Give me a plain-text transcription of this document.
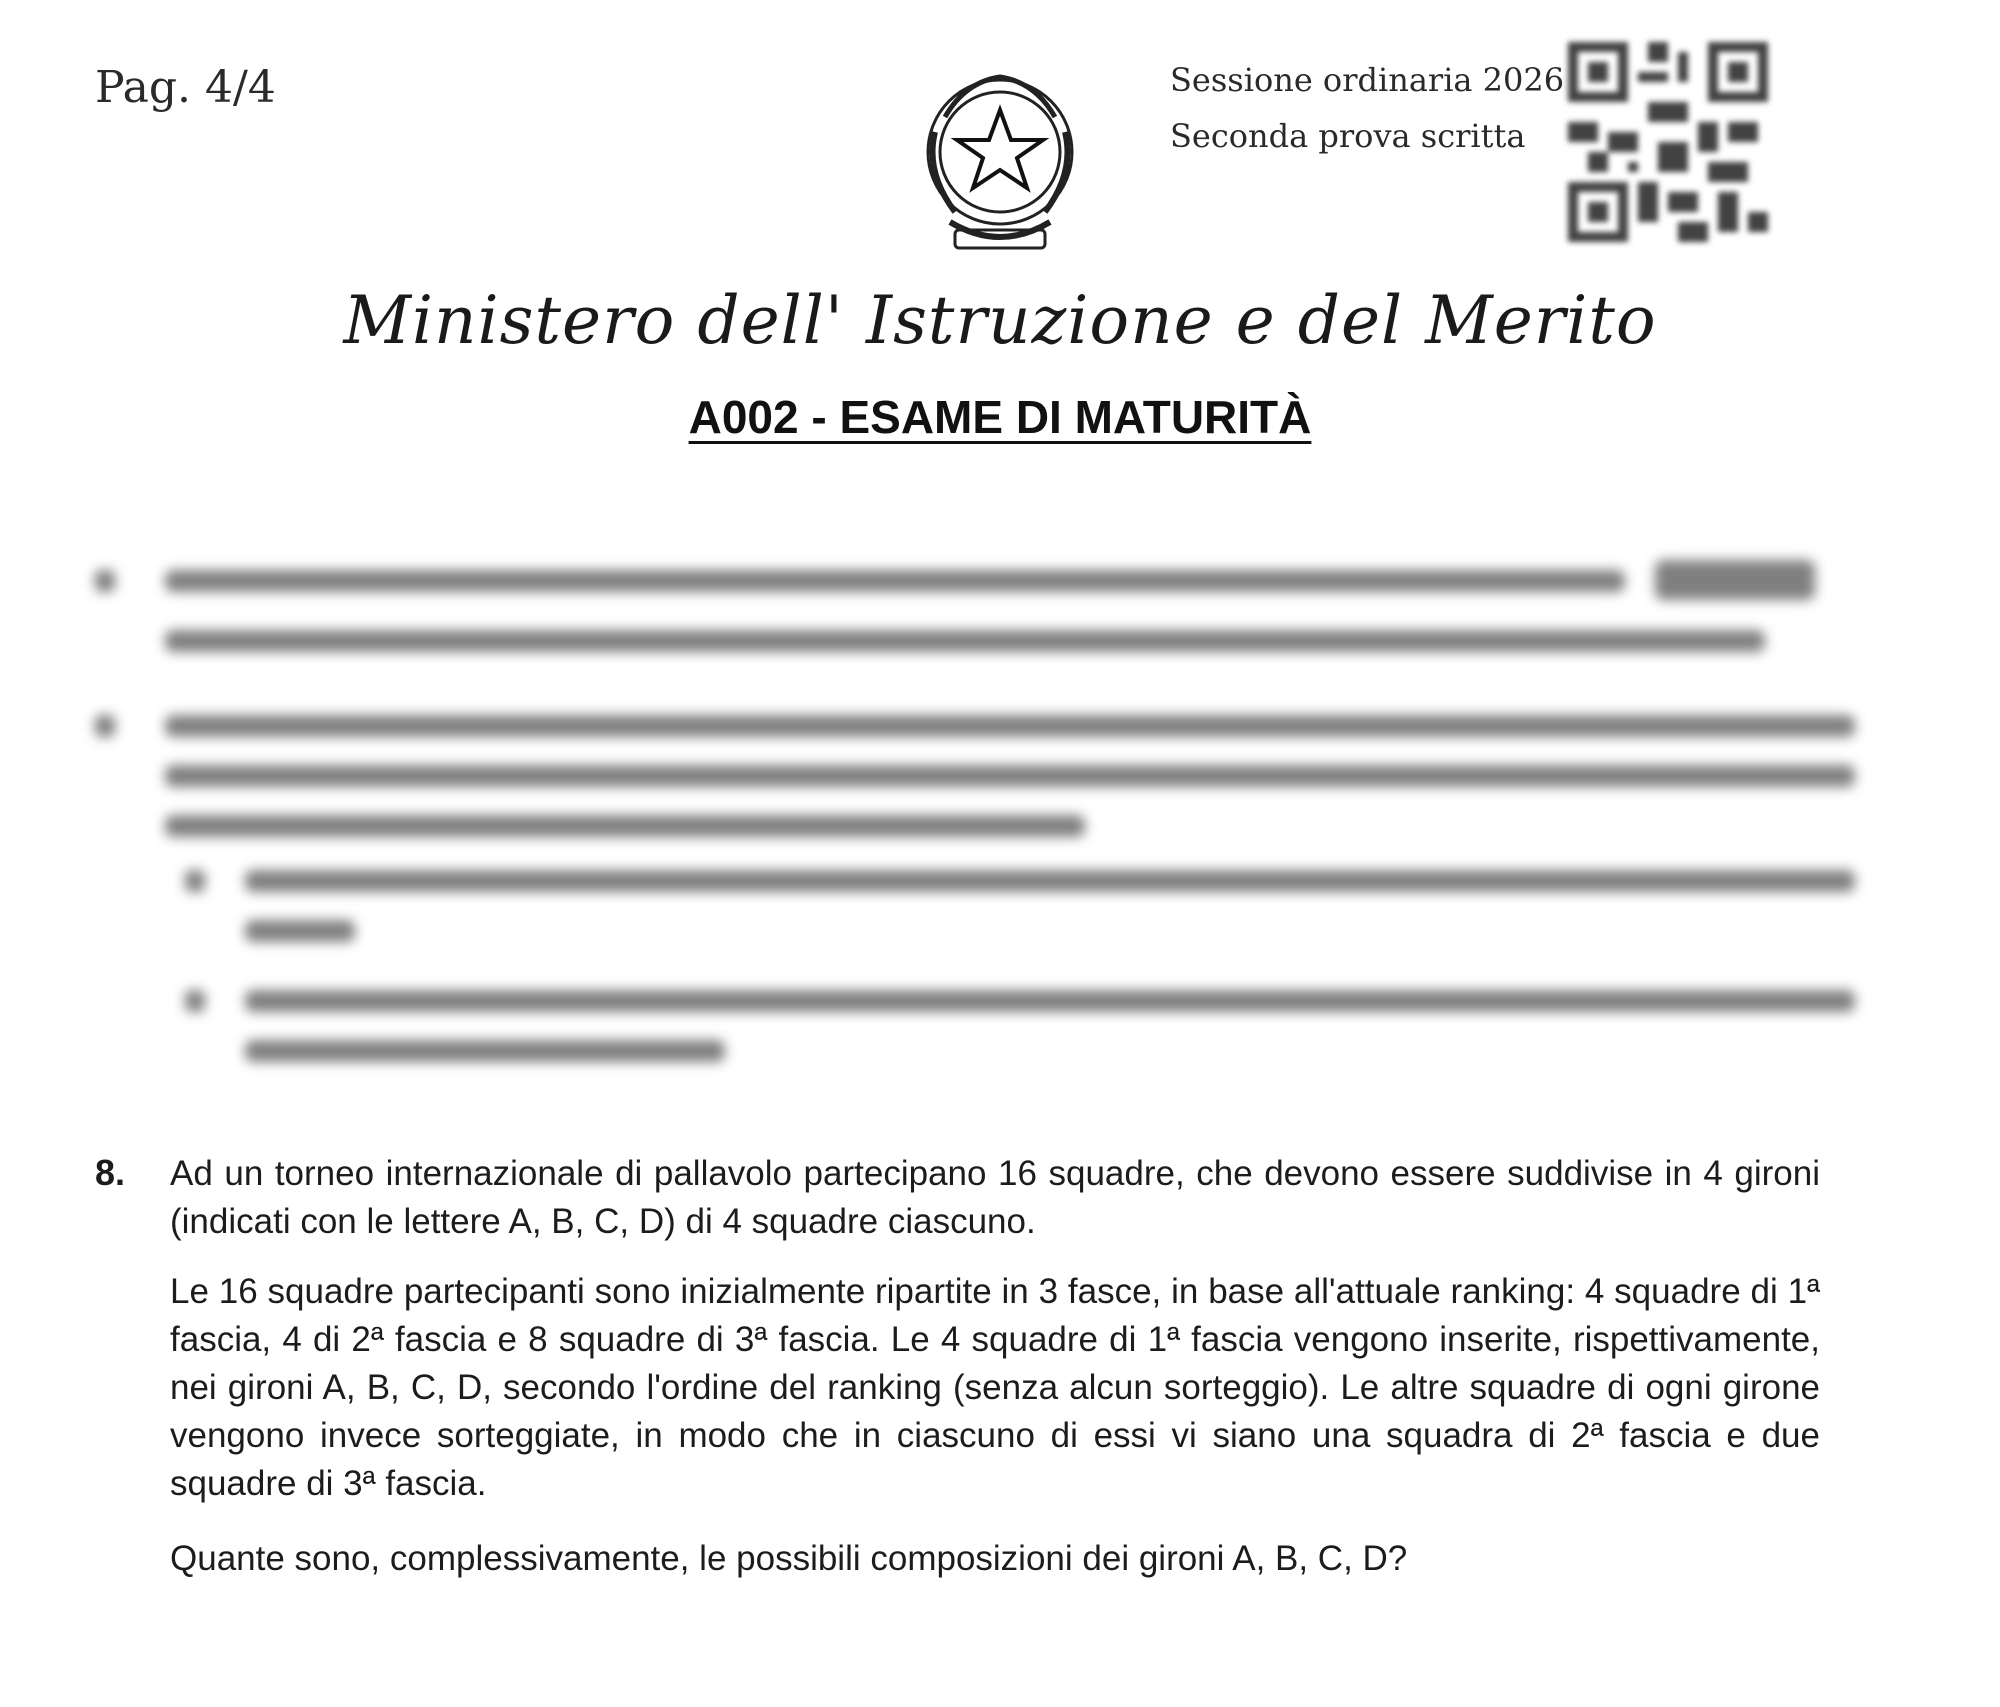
Pag. 4/4	Sessione ordinaria 2026
Seconda prova scritta
Ministero dell' Istruzione e del Merito
A002 - ESAME DI MATURITÀ
8. Ad un torneo internazionale di pallavolo partecipano 16 squadre, che devono essere suddivise in 4 gironi (indicati con le lettere A, B, C, D) di 4 squadre ciascuno.
Le 16 squadre partecipanti sono inizialmente ripartite in 3 fasce, in base all'attuale ranking: 4 squadre di 1ª fascia, 4 di 2ª fascia e 8 squadre di 3ª fascia. Le 4 squadre di 1ª fascia vengono inserite, rispettivamente, nei gironi A, B, C, D, secondo l'ordine del ranking (senza alcun sorteggio). Le altre squadre di ogni girone vengono invece sorteggiate, in modo che in ciascuno di essi vi siano una squadra di 2ª fascia e due squadre di 3ª fascia.
Quante sono, complessivamente, le possibili composizioni dei gironi A, B, C, D?
